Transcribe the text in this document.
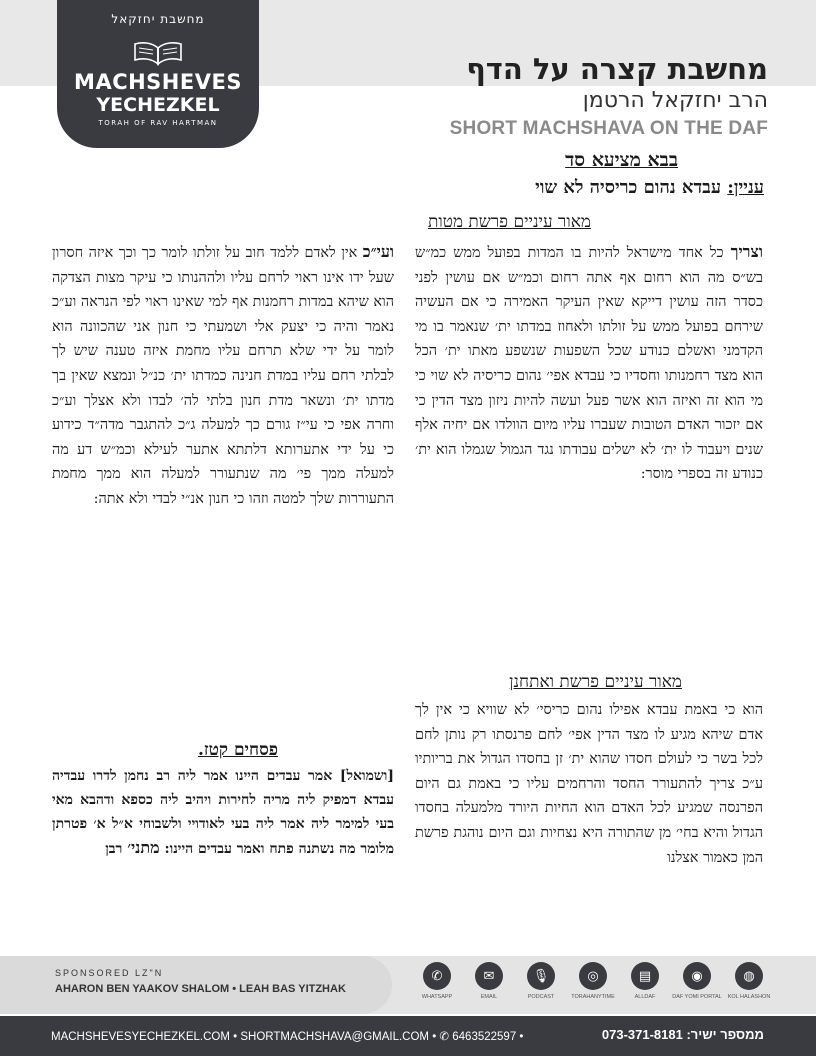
מחשבת יחזקאל
MACHSHEVES
YECHEZKEL
TORAH OF RAV HARTMAN
מחשבת קצרה על הדף
הרב יחזקאל הרטמן
SHORT MACHSHAVA ON THE DAF
בבא מציעא סד
עניין: עבדא נהום כריסיה לא שוי
מאור עיניים פרשת מטות
וצריך כל אחד מישראל להיות בו המדות בפועל ממש כמ״ש בש״ס מה הוא רחום אף אתה רחום וכמ״ש אם עושין לפני כסדר הזה עושין דייקא שאין העיקר האמירה כי אם העשיה שירחם בפועל ממש על זולתו ולאחוז במדתו ית׳ שנאמר בו מי הקדמני ואשלם כנודע שכל השפעות שנשפע מאתו ית׳ הכל הוא מצד רחמנותו וחסדיו כי עבדא אפי׳ נהום כריסיה לא שוי כי מי הוא זה ואיזה הוא אשר פעל ועשה להיות ניזון מצד הדין כי אם יזכור האדם הטובות שעברו עליו מיום הוולדו אם יחיה אלף שנים ויעבוד לו ית׳ לא ישלים עבודתו נגד הגמול שגמלו הוא ית׳ כנודע זה בספרי מוסר:
ועי״כ אין לאדם ללמד חוב על זולתו לומר כך וכך איזה חסרון שעל ידו אינו ראוי לרחם עליו ולההנותו כי עיקר מצות הצדקה הוא שיהא במדות רחמנות אף למי שאינו ראוי לפי הנראה וע״כ נאמר והיה כי יצעק אלי ושמעתי כי חנון אני שהכוונה הוא לומר על ידי שלא תרחם עליו מחמת איזה טענה שיש לך לבלתי רחם עליו במדת חנינה כמדתו ית׳ כנ״ל ונמצא שאין בך מדתו ית׳ ונשאר מדת חנון בלתי לה׳ לבדו ולא אצלך וע״כ וחרה אפי כי עי״ז גורם כך למעלה ג״כ להתגבר מדה״ד כידוע כי על ידי אתערותא דלתתא אתער לעילא וכמ״ש דע מה למעלה ממך פי׳ מה שנתעורר למעלה הוא ממך מחמת התעוררות שלך למטה וזהו כי חנון אנ״י לבדי ולא אתה:
מאור עיניים פרשת ואתחנן
הוא כי באמת עבדא אפילו נהום כריסי׳ לא שוויא כי אין לך אדם שיהא מגיע לו מצד הדין אפי׳ לחם פרנסתו רק נותן לחם לכל בשר כי לעולם חסדו שהוא ית׳ זן בחסדו הגדול את בריותיו ע״כ צריך להתעורר החסד והרחמים עליו כי באמת גם היום הפרנסה שמגיע לכל האדם הוא החיות היורד מלמעלה בחסדו הגדול והיא בחי׳ מן שהתורה היא נצחיות וגם היום נוהגת פרשת המן כאמור אצלנו
פסחים קטז.
[ושמואל] אמר עבדים היינו אמר ליה רב נחמן לדרו עבדיה עבדא דמפיק ליה מריה לחירות ויהיב ליה כספא ודהבא מאי בעי למימר ליה אמר ליה בעי לאודויי ולשבוחי א״ל א׳ פטרתן מלומר מה נשתנה פתח ואמר עבדים היינו: מתני׳ רבן
SPONSORED LZ"N
AHARON BEN YAAKOV SHALOM • LEAH BAS YITZHAK
✆
WHATSAPP
✉
EMAIL
🎙
PODCAST
◎
TORAHANYTIME
▤
ALLDAF
◉
DAF YOMI PORTAL
◍
KOL HALASHON
MACHSHEVESYECHEZKEL.COM • SHORTMACHSHAVA@GMAIL.COM • ✆ 6463522597 •	ממספר ישיר: 073-371-8181
